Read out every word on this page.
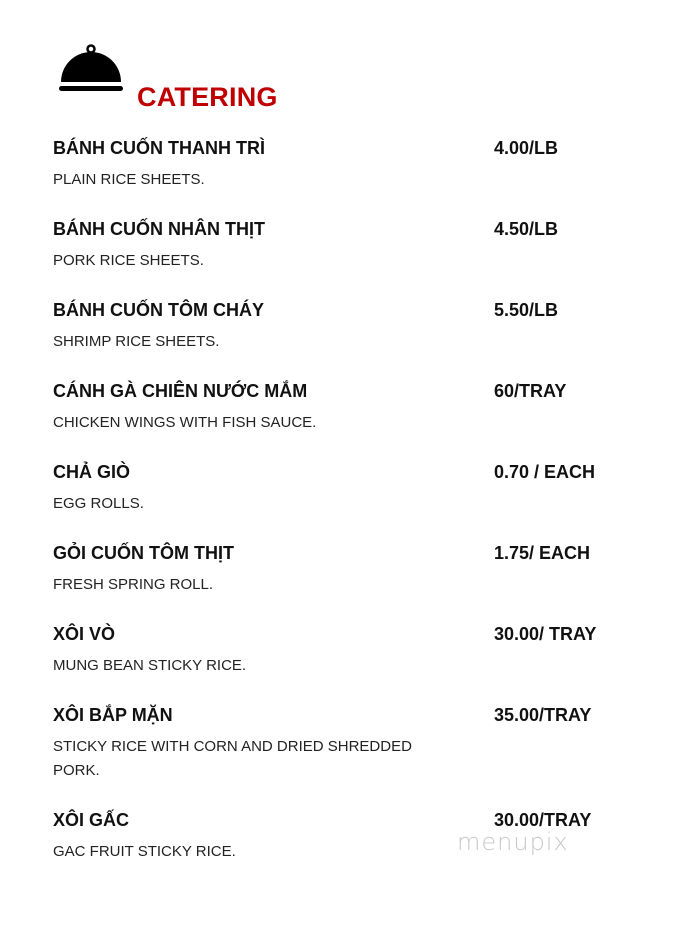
CATERING
BÁNH CUỐN THANH TRÌ	4.00/LB
PLAIN RICE SHEETS.
BÁNH CUỐN NHÂN THỊT	4.50/LB
PORK RICE SHEETS.
BÁNH CUỐN TÔM CHÁY	5.50/LB
SHRIMP RICE SHEETS.
CÁNH GÀ CHIÊN NƯỚC MẮM	60/TRAY
CHICKEN WINGS WITH FISH SAUCE.
CHẢ GIÒ	0.70 / EACH
EGG ROLLS.
GỎI CUỐN TÔM THỊT	1.75/ EACH
FRESH SPRING ROLL.
XÔI VÒ	30.00/ TRAY
MUNG BEAN STICKY RICE.
XÔI BẮP MẶN	35.00/TRAY
STICKY RICE WITH CORN AND DRIED SHREDDED PORK.
XÔI GẤC	30.00/TRAY
GAC FRUIT STICKY RICE.	menupix
